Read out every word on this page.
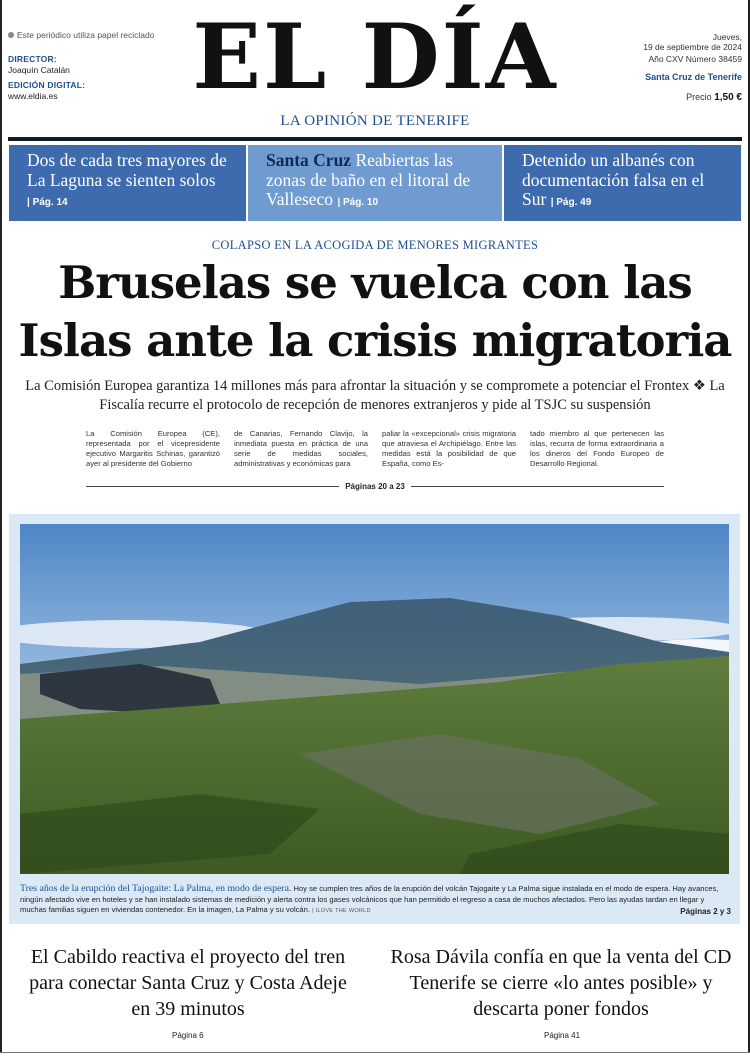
Este periódico utiliza papel reciclado
DIRECTOR:
Joaquín Catalán
EDICIÓN DIGITAL:
www.eldia.es	EL DÍA
LA OPINIÓN DE TENERIFE
Jueves,
19 de septiembre de 2024
Año CXV Número 38459
Santa Cruz de Tenerife
Precio 1,50 €
Dos de cada tres mayores de La Laguna se sienten solos | Pág. 14
Santa Cruz Reabiertas las zonas de baño en el litoral de Valleseco | Pág. 10
Detenido un albanés con documentación falsa en el Sur | Pág. 49
COLAPSO EN LA ACOGIDA DE MENORES MIGRANTES
Bruselas se vuelca con las Islas ante la crisis migratoria
La Comisión Europea garantiza 14 millones más para afrontar la situación y se compromete a potenciar el Frontex ❖ La Fiscalía recurre el protocolo de recepción de menores extranjeros y pide al TSJC su suspensión
La Comisión Europea (CE), representada por el vicepresidente ejecutivo Margaritis Schinas, garantizó ayer al presidente del Gobierno
de Canarias, Fernando Clavijo, la inmediata puesta en práctica de una serie de medidas sociales, administrativas y económicas para
paliar la «excepcional» crisis migratoria que atraviesa el Archipiélago. Entre las medidas está la posibilidad de que España, como Es-
tado miembro al que pertenecen las islas, recurra de forma extraordinaria a los dineros del Fondo Europeo de Desarrollo Regional.
Páginas 20 a 23
Tres años de la erupción del Tajogaite: La Palma, en modo de espera. Hoy se cumplen tres años de la erupción del volcán Tajogaite y La Palma sigue instalada en el modo de espera. Hay avances, ningún afectado vive en hoteles y se han instalado sistemas de medición y alerta contra los gases volcánicos que han permitido el regreso a casa de muchos afectados. Pero las ayudas tardan en llegar y muchas familias siguen en viviendas contenedor. En la imagen, La Palma y su volcán. | ILOVE THE WORLD	Páginas 2 y 3
El Cabildo reactiva el proyecto del tren para conectar Santa Cruz y Costa Adeje en 39 minutos
Rosa Dávila confía en que la venta del CD Tenerife se cierre «lo antes posible» y descarta poner fondos
Página 6	Página 41
